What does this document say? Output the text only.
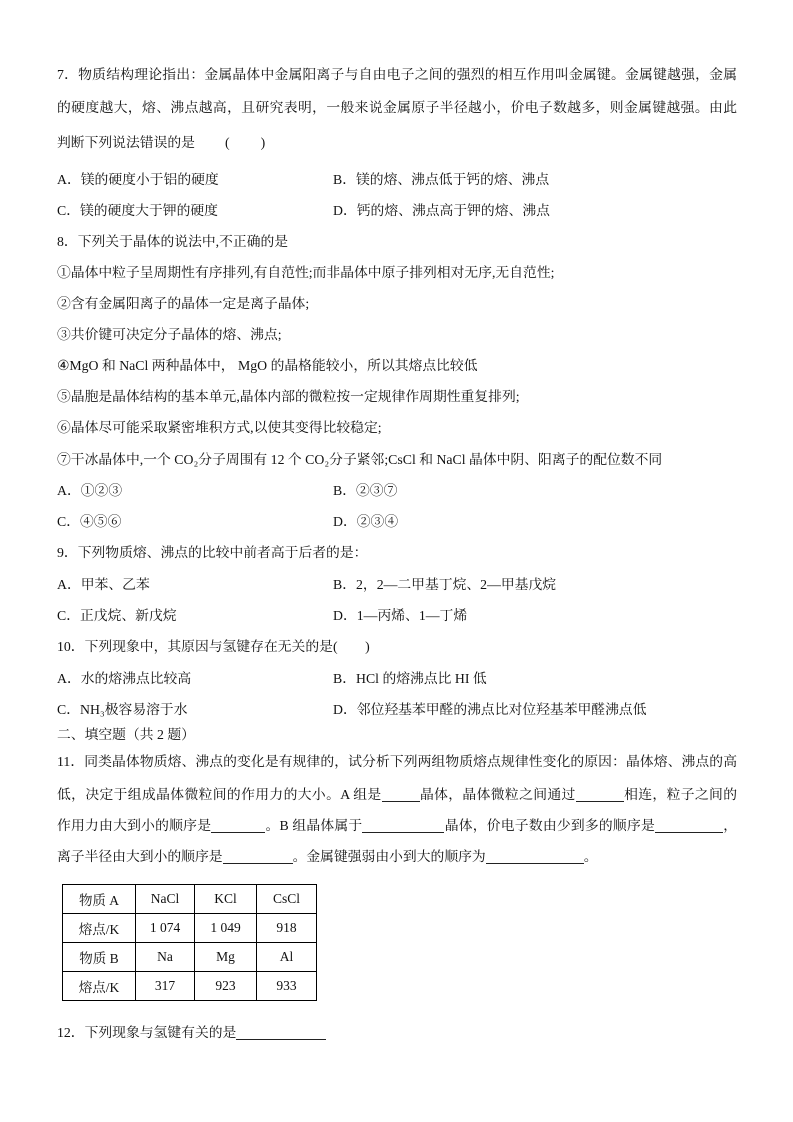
7．物质结构理论指出：金属晶体中金属阳离子与自由电子之间的强烈的相互作用叫金属键。金属键越强，金属
的硬度越大，熔、沸点越高，且研究表明，一般来说金属原子半径越小，价电子数越多，则金属键越强。由此
判断下列说法错误的是 (　　 )
A．镁的硬度小于铝的硬度	B．镁的熔、沸点低于钙的熔、沸点
C．镁的硬度大于钾的硬度	D．钙的熔、沸点高于钾的熔、沸点
8．下列关于晶体的说法中,不正确的是
①晶体中粒子呈周期性有序排列,有自范性;而非晶体中原子排列相对无序,无自范性;
②含有金属阳离子的晶体一定是离子晶体;
③共价键可决定分子晶体的熔、沸点;
④MgO 和 NaCl 两种晶体中， MgO 的晶格能较小，所以其熔点比较低
⑤晶胞是晶体结构的基本单元,晶体内部的微粒按一定规律作周期性重复排列;
⑥晶体尽可能采取紧密堆积方式,以使其变得比较稳定;
⑦干冰晶体中,一个 CO₂分子周围有 12 个 CO₂分子紧邻;CsCl 和 NaCl 晶体中阴、阳离子的配位数不同
A．①②③	B．②③⑦
C．④⑤⑥	D．②③④
9．下列物质熔、沸点的比较中前者高于后者的是：
A．甲苯、乙苯	B．2，2—二甲基丁烷、2—甲基戊烷
C．正戊烷、新戊烷	D．1—丙烯、1—丁烯
10．下列现象中，其原因与氢键存在无关的是(　　)
A．水的熔沸点比较高	B．HCl 的熔沸点比 HI 低
C．NH₃极容易溶于水	D．邻位羟基苯甲醛的沸点比对位羟基苯甲醛沸点低
二、填空题（共 2 题）
11．同类晶体物质熔、沸点的变化是有规律的，试分析下列两组物质熔点规律性变化的原因：晶体熔、沸点的高
低，决定于组成晶体微粒间的作用力的大小。A 组是	晶体，晶体微粒之间通过	相连，粒子之间的
作用力由大到小的顺序是	。B 组晶体属于	晶体，价电子数由少到多的顺序是	，
离子半径由大到小的顺序是	。金属键强弱由小到大的顺序为	。
物质 A	NaCl	KCl	CsCl
熔点/K	1 074	1 049	918
物质 B	Na	Mg	Al
熔点/K	317	923	933
12．下列现象与氢键有关的是
